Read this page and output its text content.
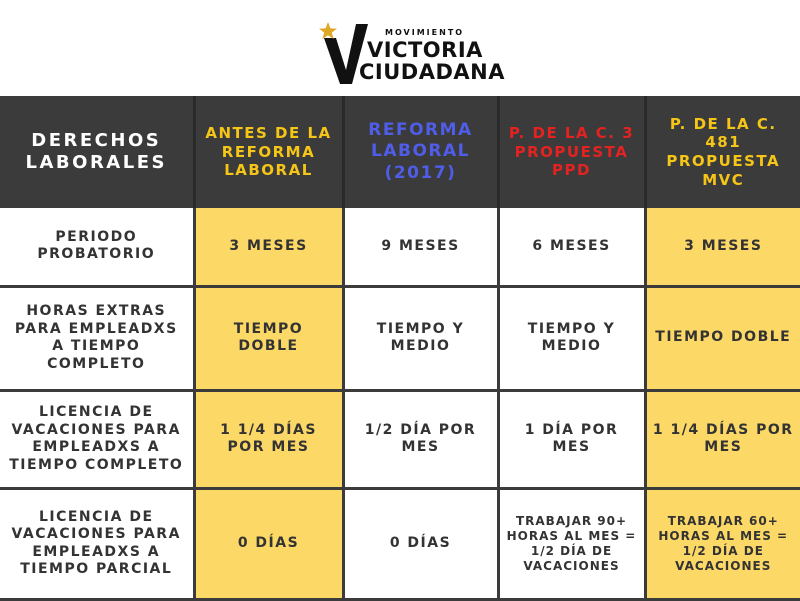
MOVIMIENTO
VICTORIA
CIUDADANA
DERECHOS LABORALES	ANTES DE LA REFORMA LABORAL	REFORMA LABORAL (2017)	P. DE LA C. 3 PROPUESTA PPD	P. DE LA C. 481 PROPUESTA MVC
PERIODO PROBATORIO	3 MESES	9 MESES	6 MESES	3 MESES
HORAS EXTRAS PARA EMPLEADXS A TIEMPO COMPLETO	TIEMPO DOBLE	TIEMPO Y MEDIO	TIEMPO Y MEDIO	TIEMPO DOBLE
LICENCIA DE VACACIONES PARA EMPLEADXS A TIEMPO COMPLETO	1 1/4 DÍAS POR MES	1/2 DÍA POR MES	1 DÍA POR MES	1 1/4 DÍAS POR MES
LICENCIA DE VACACIONES PARA EMPLEADXS A TIEMPO PARCIAL	0 DÍAS	0 DÍAS	TRABAJAR 90+ HORAS AL MES = 1/2 DÍA DE VACACIONES	TRABAJAR 60+ HORAS AL MES = 1/2 DÍA DE VACACIONES
